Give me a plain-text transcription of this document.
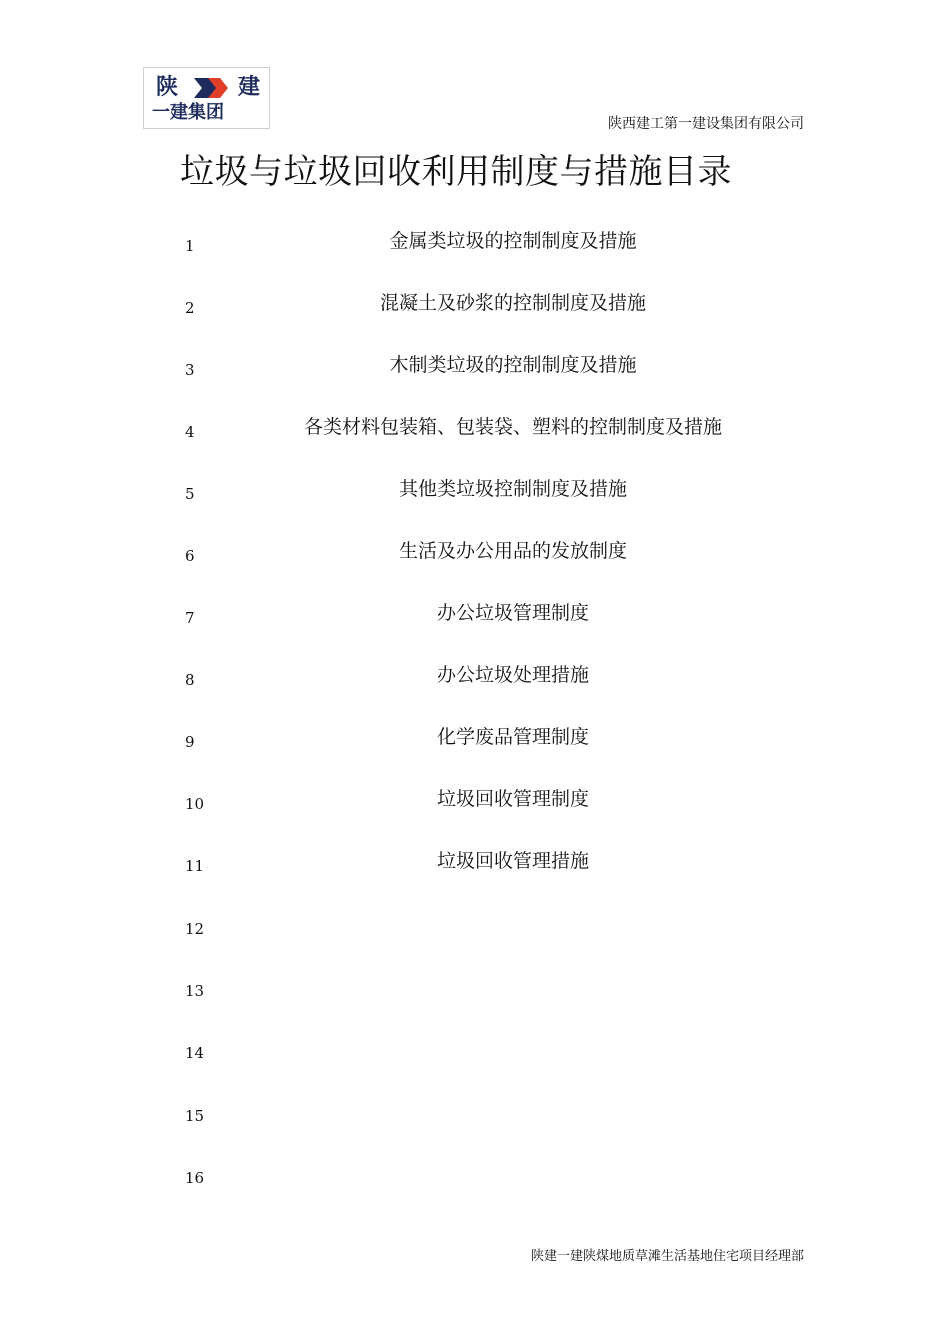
陕	建
一建集团
陕西建工第一建设集团有限公司
垃圾与垃圾回收利用制度与措施目录
1	金属类垃圾的控制制度及措施
2	混凝土及砂浆的控制制度及措施
3	木制类垃圾的控制制度及措施
4	各类材料包装箱、包装袋、塑料的控制制度及措施
5	其他类垃圾控制制度及措施
6	生活及办公用品的发放制度
7	办公垃圾管理制度
8	办公垃圾处理措施
9	化学废品管理制度
10	垃圾回收管理制度
11	垃圾回收管理措施
12
13
14
15
16
陕建一建陕煤地质草滩生活基地住宅项目经理部
